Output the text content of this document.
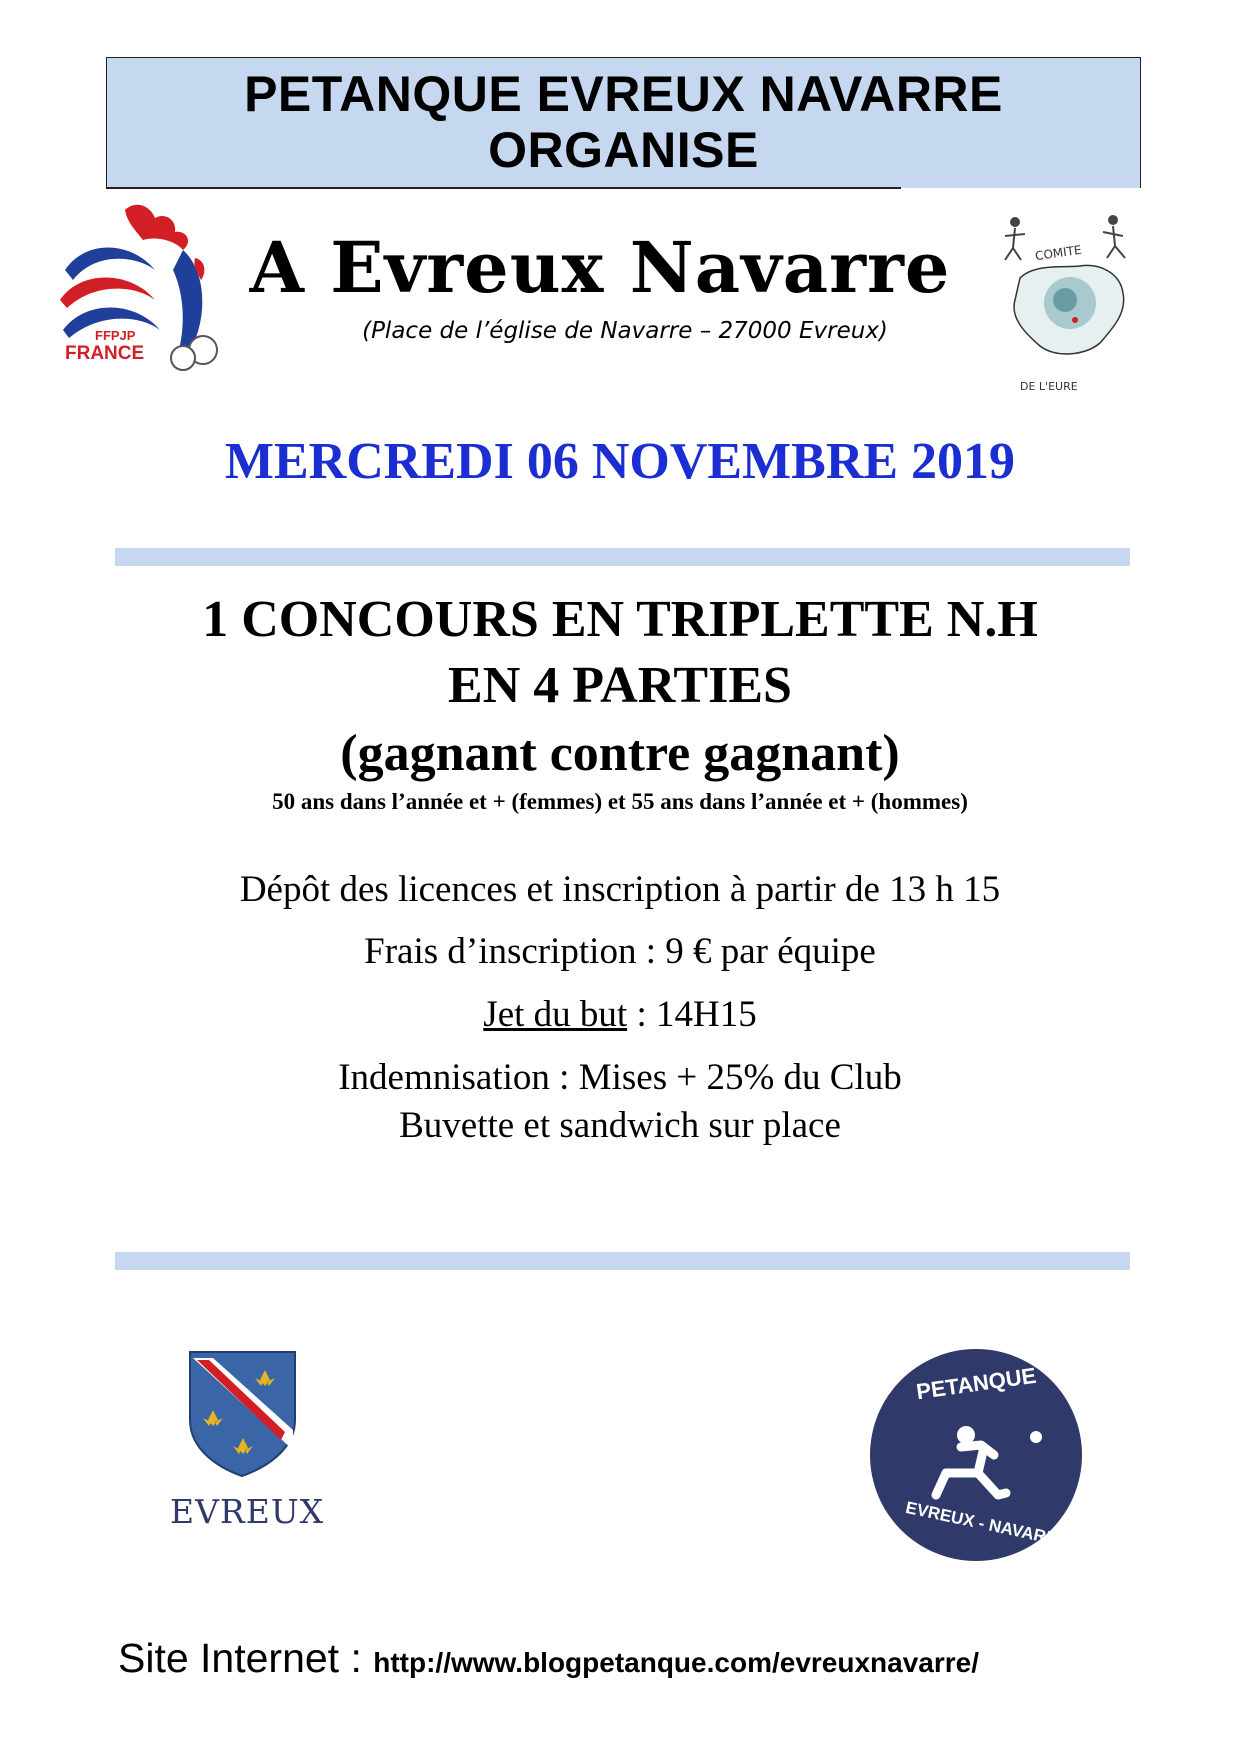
PETANQUE EVREUX NAVARRE
ORGANISE
FFPJP
FRANCE
COMITE
DE L'EURE
A Evreux Navarre
(Place de l’église de Navarre – 27000 Evreux)
MERCREDI 06 NOVEMBRE 2019
1 CONCOURS EN TRIPLETTE N.H
EN 4 PARTIES
(gagnant contre gagnant)
50 ans dans l’année et + (femmes) et 55 ans dans l’année et + (hommes)
Dépôt des licences et inscription à partir de 13 h 15
Frais d’inscription : 9 € par équipe
Jet du but : 14H15
Indemnisation : Mises + 25% du Club
Buvette et sandwich sur place
EVREUX
PETANQUE
EVREUX - NAVARRE
Site Internet : http://www.blogpetanque.com/evreuxnavarre/
